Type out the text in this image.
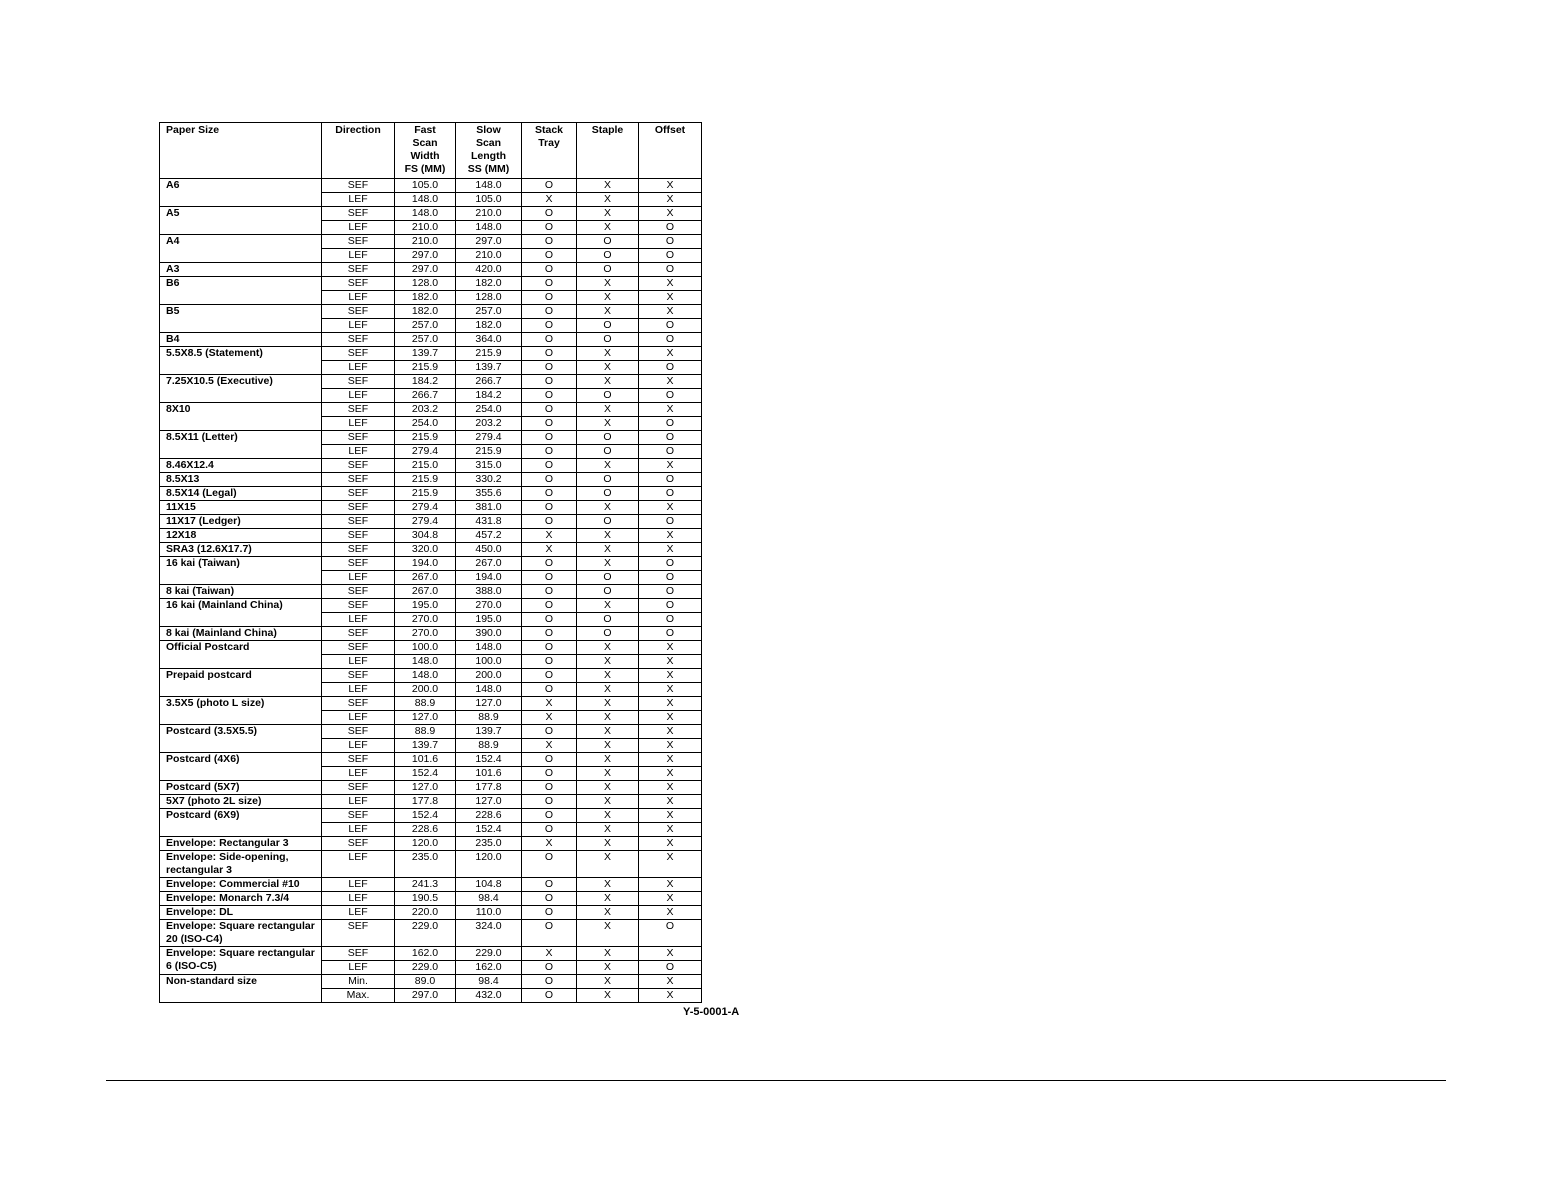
Paper Size	Direction	Fast
Scan
Width
FS (MM)	Slow
Scan
Length
SS (MM)	Stack
Tray	Staple	Offset

A6	SEF	105.0	148.0	O	X	X
	LEF	148.0	105.0	X	X	X
A5	SEF	148.0	210.0	O	X	X
	LEF	210.0	148.0	O	X	O
A4	SEF	210.0	297.0	O	O	O
	LEF	297.0	210.0	O	O	O
A3	SEF	297.0	420.0	O	O	O
B6	SEF	128.0	182.0	O	X	X
	LEF	182.0	128.0	O	X	X
B5	SEF	182.0	257.0	O	X	X
	LEF	257.0	182.0	O	O	O
B4	SEF	257.0	364.0	O	O	O
5.5X8.5 (Statement)	SEF	139.7	215.9	O	X	X
	LEF	215.9	139.7	O	X	O
7.25X10.5 (Executive)	SEF	184.2	266.7	O	X	X
	LEF	266.7	184.2	O	O	O
8X10	SEF	203.2	254.0	O	X	X
	LEF	254.0	203.2	O	X	O
8.5X11 (Letter)	SEF	215.9	279.4	O	O	O
	LEF	279.4	215.9	O	O	O
8.46X12.4	SEF	215.0	315.0	O	X	X
8.5X13	SEF	215.9	330.2	O	O	O
8.5X14 (Legal)	SEF	215.9	355.6	O	O	O
11X15	SEF	279.4	381.0	O	X	X
11X17 (Ledger)	SEF	279.4	431.8	O	O	O
12X18	SEF	304.8	457.2	X	X	X
SRA3 (12.6X17.7)	SEF	320.0	450.0	X	X	X
16 kai (Taiwan)	SEF	194.0	267.0	O	X	O
	LEF	267.0	194.0	O	O	O
8 kai (Taiwan)	SEF	267.0	388.0	O	O	O
16 kai (Mainland China)	SEF	195.0	270.0	O	X	O
	LEF	270.0	195.0	O	O	O
8 kai (Mainland China)	SEF	270.0	390.0	O	O	O
Official Postcard	SEF	100.0	148.0	O	X	X
	LEF	148.0	100.0	O	X	X
Prepaid postcard	SEF	148.0	200.0	O	X	X
	LEF	200.0	148.0	O	X	X
3.5X5 (photo L size)	SEF	88.9	127.0	X	X	X
	LEF	127.0	88.9	X	X	X
Postcard (3.5X5.5)	SEF	88.9	139.7	O	X	X
	LEF	139.7	88.9	X	X	X
Postcard (4X6)	SEF	101.6	152.4	O	X	X
	LEF	152.4	101.6	O	X	X
Postcard (5X7)	SEF	127.0	177.8	O	X	X
5X7 (photo 2L size)	LEF	177.8	127.0	O	X	X
Postcard (6X9)	SEF	152.4	228.6	O	X	X
	LEF	228.6	152.4	O	X	X
Envelope: Rectangular 3	SEF	120.0	235.0	X	X	X
Envelope: Side-opening, rectangular 3	LEF	235.0	120.0	O	X	X
Envelope: Commercial #10	LEF	241.3	104.8	O	X	X
Envelope: Monarch 7.3/4	LEF	190.5	98.4	O	X	X
Envelope: DL	LEF	220.0	110.0	O	X	X
Envelope: Square rectangular 20 (ISO-C4)	SEF	229.0	324.0	O	X	O
Envelope: Square rectangular 6 (ISO-C5)	SEF	162.0	229.0	X	X	X
	LEF	229.0	162.0	O	X	O
Non-standard size	Min.	89.0	98.4	O	X	X
	Max.	297.0	432.0	O	X	X
Y-5-0001-A
